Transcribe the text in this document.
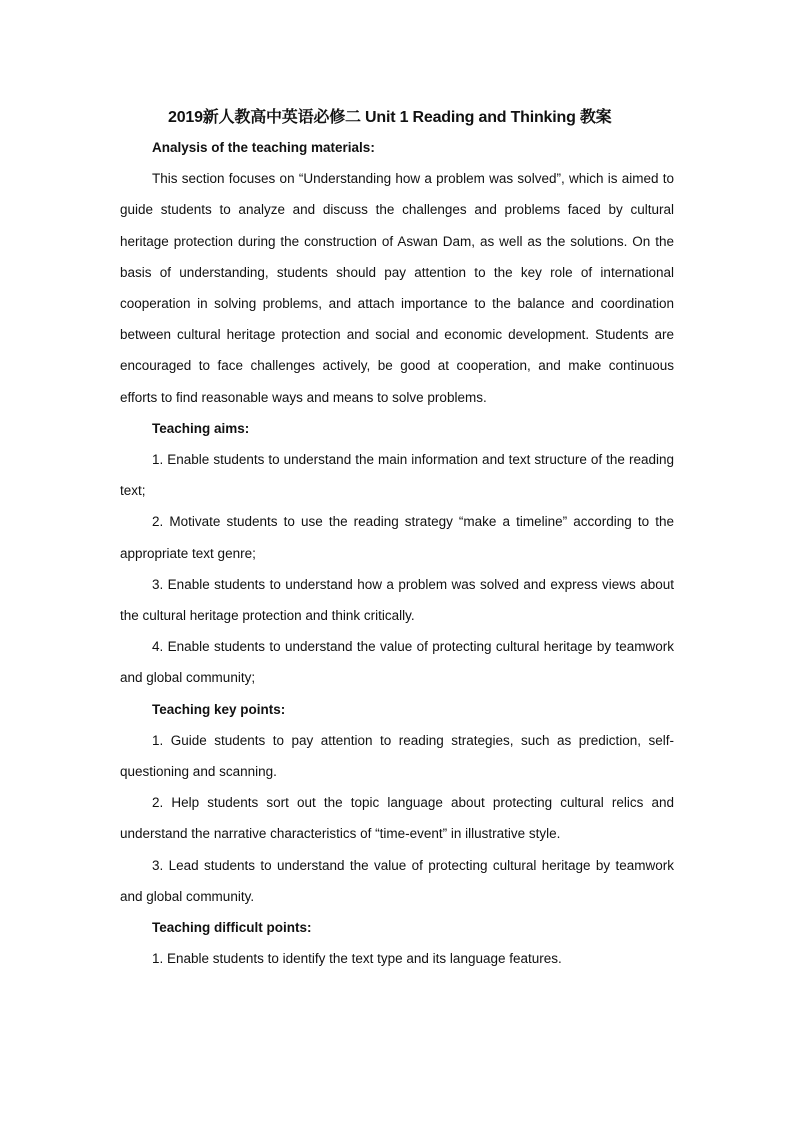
2019新人教高中英语必修二 Unit 1 Reading and Thinking 教案
Analysis of the teaching materials:

This section focuses on “Understanding how a problem was solved”, which is aimed to guide students to analyze and discuss the challenges and problems faced by cultural heritage protection during the construction of Aswan Dam, as well as the solutions. On the basis of understanding, students should pay attention to the key role of international cooperation in solving problems, and attach importance to the balance and coordination between cultural heritage protection and social and economic development. Students are encouraged to face challenges actively, be good at cooperation, and make continuous efforts to find reasonable ways and means to solve problems.

Teaching aims:

1. Enable students to understand the main information and text structure of the reading text;

2. Motivate students to use the reading strategy “make a timeline” according to the appropriate text genre;

3. Enable students to understand how a problem was solved and express views about the cultural heritage protection and think critically.

4. Enable students to understand the value of protecting cultural heritage by teamwork and global community;

Teaching key points:

1. Guide students to pay attention to reading strategies, such as prediction, self-questioning and scanning.

2. Help students sort out the topic language about protecting cultural relics and understand the narrative characteristics of “time-event” in illustrative style.

3. Lead students to understand the value of protecting cultural heritage by teamwork and global community.

Teaching difficult points:

1. Enable students to identify the text type and its language features.
